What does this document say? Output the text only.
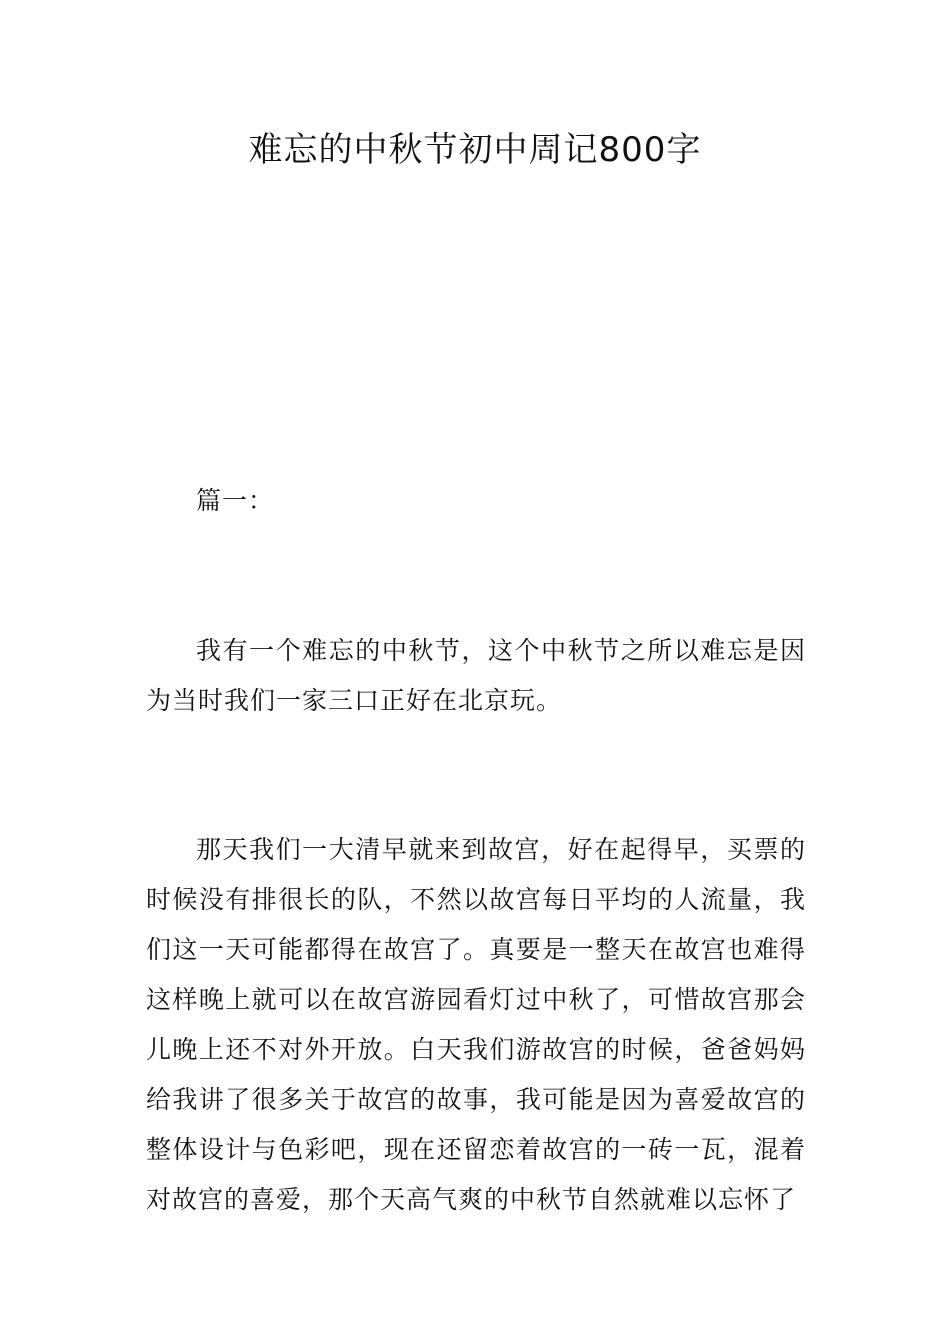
难忘的中秋节初中周记800字

篇一：

我有一个难忘的中秋节，这个中秋节之所以难忘是因为当时我们一家三口正好在北京玩。

那天我们一大清早就来到故宫，好在起得早，买票的时候没有排很长的队，不然以故宫每日平均的人流量，我们这一天可能都得在故宫了。真要是一整天在故宫也难得这样晚上就可以在故宫游园看灯过中秋了，可惜故宫那会儿晚上还不对外开放。白天我们游故宫的时候，爸爸妈妈给我讲了很多关于故宫的故事，我可能是因为喜爱故宫的整体设计与色彩吧，现在还留恋着故宫的一砖一瓦，混着对故宫的喜爱，那个天高气爽的中秋节自然就难以忘怀了
